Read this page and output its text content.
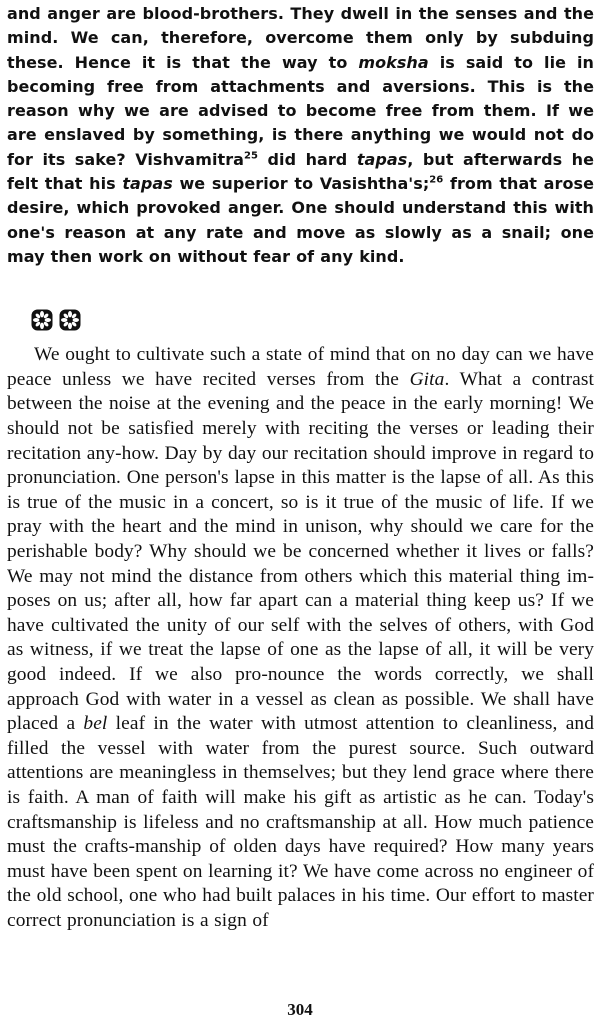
and anger are blood-brothers. They dwell in the senses and the mind. We can, therefore, overcome them only by subduing these. Hence it is that the way to moksha is said to lie in becoming free from attachments and aversions. This is the reason why we are advised to become free from them. If we are enslaved by something, is there anything we would not do for its sake? Vishvamitra$^{25}$ did hard tapas, but afterwards he felt that his tapas we superior to Vasishtha's;$^{26}$ from that arose desire, which provoked anger. One should understand this with one's reason at any rate and move as slowly as a snail; one may then work on without fear of any kind.

We ought to cultivate such a state of mind that on no day can we have peace unless we have recited verses from the Gita. What a contrast between the noise at the evening and the peace in the early morning! We should not be satisfied merely with reciting the verses or leading their recitation any-how. Day by day our recitation should improve in regard to pronunciation. One person's lapse in this matter is the lapse of all. As this is true of the music in a concert, so is it true of the music of life. If we pray with the heart and the mind in unison, why should we care for the perishable body? Why should we be concerned whether it lives or falls? We may not mind the distance from others which this material thing im-poses on us; after all, how far apart can a material thing keep us? If we have cultivated the unity of our self with the selves of others, with God as witness, if we treat the lapse of one as the lapse of all, it will be very good indeed. If we also pro-nounce the words correctly, we shall approach God with water in a vessel as clean as possible. We shall have placed a bel leaf in the water with utmost attention to cleanliness, and filled the vessel with water from the purest source. Such outward attentions are meaningless in themselves; but they lend grace where there is faith. A man of faith will make his gift as artistic as he can. Today's craftsmanship is lifeless and no craftsmanship at all. How much patience must the crafts-manship of olden days have required? How many years must have been spent on learning it? We have come across no engineer of the old school, one who had built palaces in his time. Our effort to master correct pronunciation is a sign of

304
